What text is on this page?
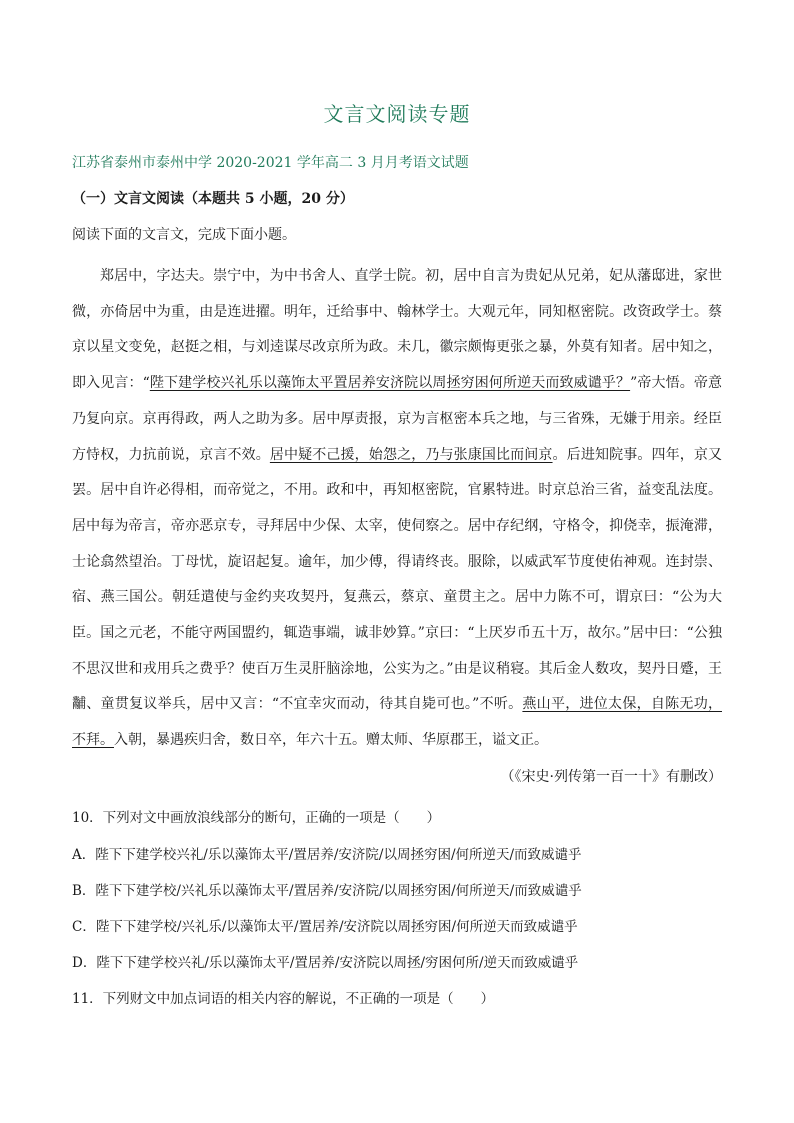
文言文阅读专题
江苏省泰州市泰州中学 2020-2021 学年高二 3 月月考语文试题
（一）文言文阅读（本题共 5 小题，20 分）
阅读下面的文言文，完成下面小题。

郑居中，字达夫。崇宁中，为中书舍人、直学士院。初，居中自言为贵妃从兄弟，妃从藩邸进，家世微，亦倚居中为重，由是连进擢。明年，迁给事中、翰林学士。大观元年，同知枢密院。改资政学士。蔡京以星文变免，赵挺之相，与刘逵谋尽改京所为政。未几，徽宗颇悔更张之暴，外莫有知者。居中知之，即入见言：“陛下建学校兴礼乐以藻饰太平置居养安济院以周拯穷困何所逆天而致威谴乎？”帝大悟。帝意乃复向京。京再得政，两人之助为多。居中厚责报，京为言枢密本兵之地，与三省殊，无嫌于用亲。经臣方恃权，力抗前说，京言不效。居中疑不己援，始怨之，乃与张康国比而间京。后进知院事。四年，京又罢。居中自许必得相，而帝觉之，不用。政和中，再知枢密院，官累特进。时京总治三省，益变乱法度。居中每为帝言，帝亦恶京专，寻拜居中少保、太宰，使伺察之。居中存纪纲，守格令，抑侥幸，振淹滞，士论翕然望治。丁母忧，旋诏起复。逾年，加少傅，得请终丧。服除，以威武军节度使佑神观。连封崇、宿、燕三国公。朝廷遣使与金约夹攻契丹，复燕云，蔡京、童贯主之。居中力陈不可，谓京曰：“公为大臣。国之元老，不能守两国盟约，辄造事端，诚非妙算。”京曰：“上厌岁币五十万，故尔。”居中曰：“公独不思汉世和戎用兵之费乎？使百万生灵肝脑涂地，公实为之。”由是议稍寝。其后金人数攻，契丹日蹙，王黼、童贯复议举兵，居中又言：“不宜幸灾而动，待其自毙可也。”不听。燕山平，进位太保，自陈无功，不拜。入朝，暴遇疾归舍，数日卒，年六十五。赠太师、华原郡王，谥文正。

（《宋史·列传第一百一十》有删改）
10．下列对文中画放浪线部分的断句，正确的一项是（　　）
A．陛下下建学校兴礼/乐以藻饰太平/置居养/安济院/以周拯穷困/何所逆天/而致威谴乎
B．陛下下建学校/兴礼乐以藻饰太平/置居养/安济院/以周拯穷困/何所逆天/而致威谴乎
C．陛下下建学校/兴礼乐/以藻饰太平/置居养/安济院以周拯穷困/何所逆天而致威谴乎
D．陛下下建学校兴礼/乐以藻饰太平/置居养/安济院以周拯/穷困何所/逆天而致威谴乎
11．下列财文中加点词语的相关内容的解说，不正确的一项是（　　）
